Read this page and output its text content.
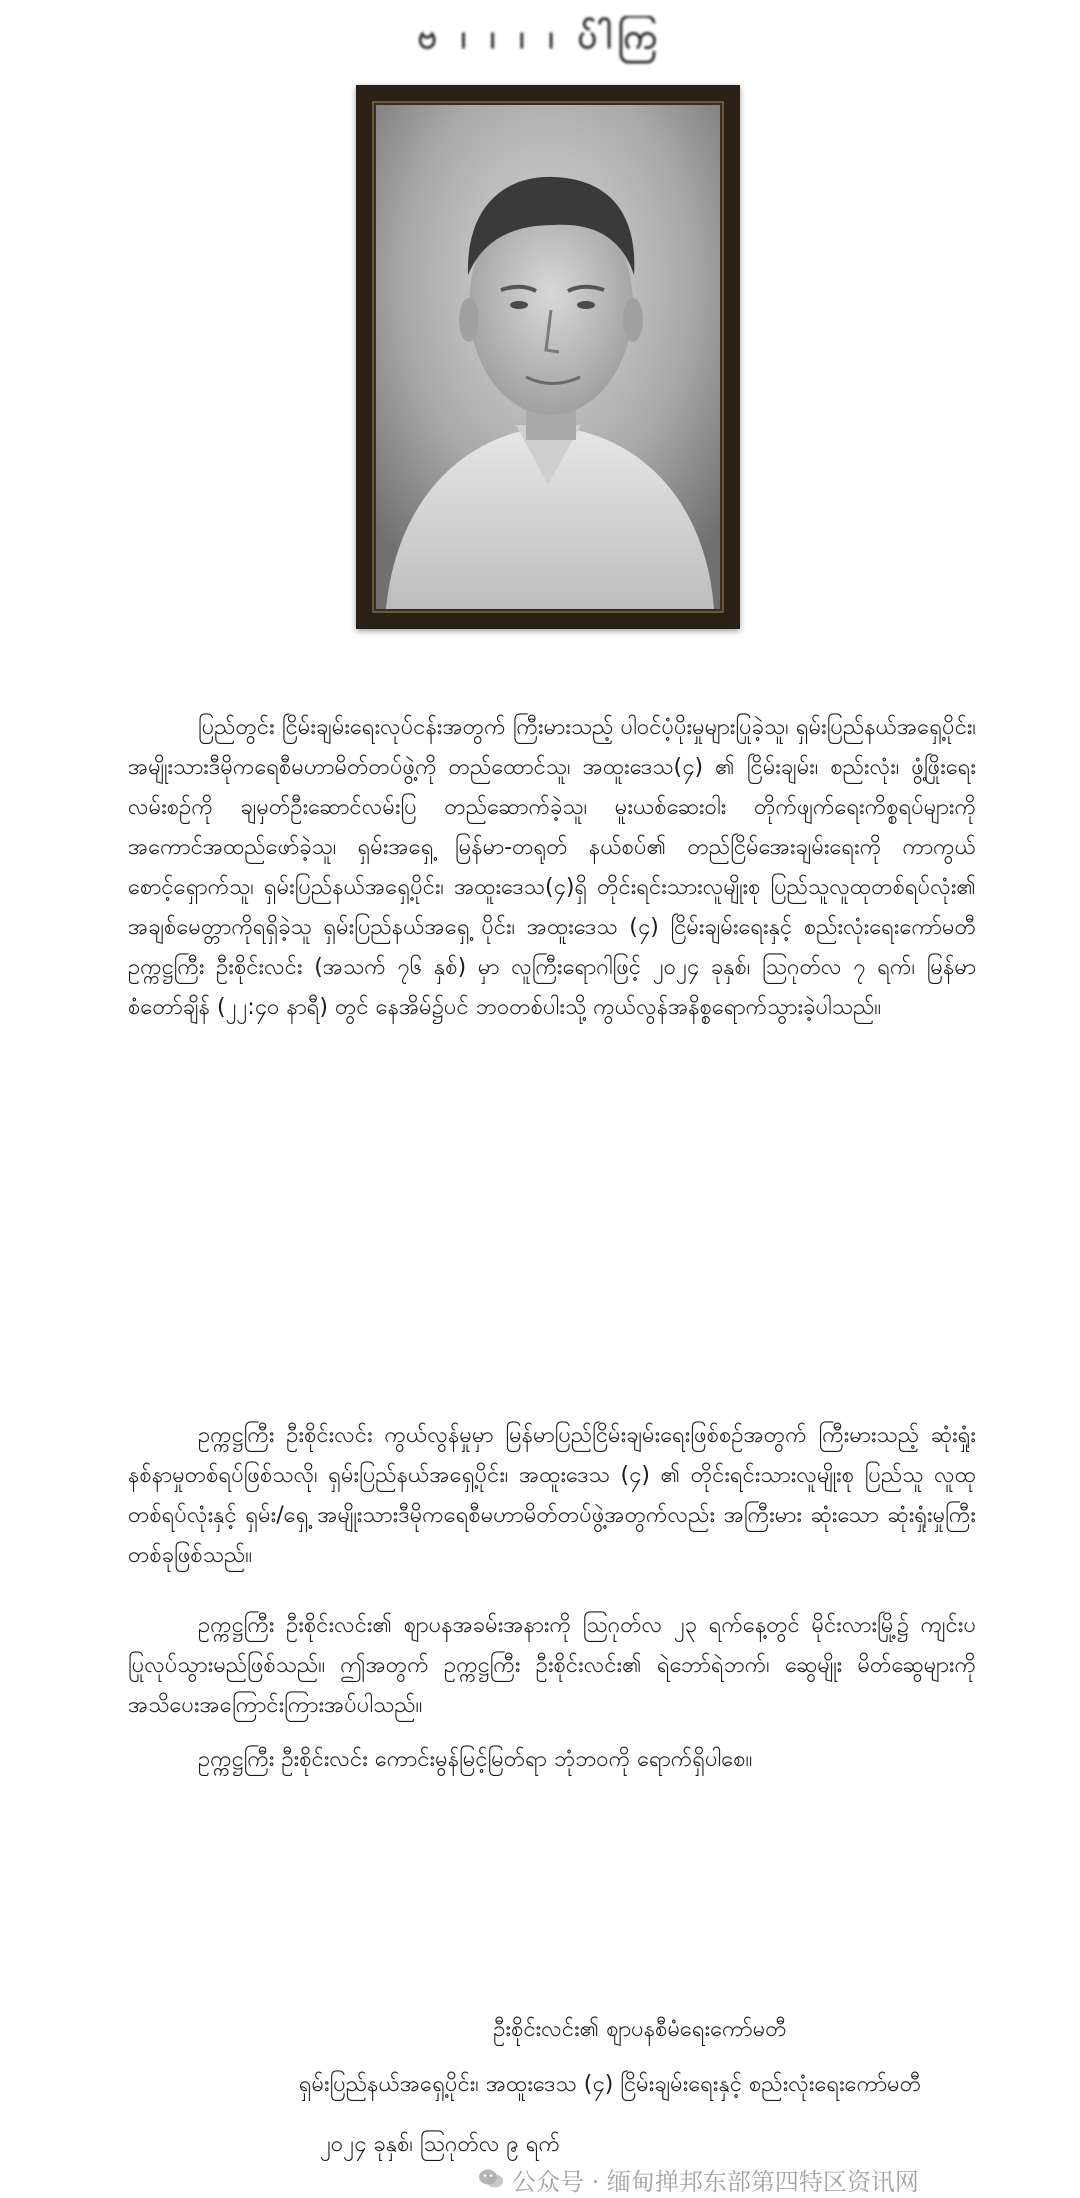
ဗ ၊ ၊ ၊ ၊ ပ်ါကြ

ပြည်တွင်း ငြိမ်းချမ်းရေးလုပ်ငန်းအတွက် ကြီးမားသည့် ပါဝင်ပံ့ပိုးမှုများပြုခဲ့သူ၊ ရှမ်းပြည်နယ်အရှေ့ပိုင်း၊ အမျိုးသားဒီမိုကရေစီမဟာမိတ်တပ်ဖွဲ့ကို တည်ထောင်သူ၊ အထူးဒေသ(၄) ၏ ငြိမ်းချမ်း၊ စည်းလုံး၊ ဖွံ့ဖြိုးရေးလမ်းစဉ်ကို ချမှတ်ဦးဆောင်လမ်းပြ တည်ဆောက်ခဲ့သူ၊ မူးယစ်ဆေးဝါး တိုက်ဖျက်ရေးကိစ္စရပ်များကို အကောင်အထည်ဖော်ခဲ့သူ၊ ရှမ်းအရှေ့ မြန်မာ-တရုတ် နယ်စပ်၏ တည်ငြိမ်အေးချမ်းရေးကို ကာကွယ်စောင့်ရှောက်သူ၊ ရှမ်းပြည်နယ်အရှေ့ပိုင်း၊ အထူးဒေသ(၄)ရှိ တိုင်းရင်းသားလူမျိုးစု ပြည်သူလူထုတစ်ရပ်လုံး၏ အချစ်မေတ္တာကိုရရှိခဲ့သူ ရှမ်းပြည်နယ်အရှေ့ ပိုင်း၊ အထူးဒေသ (၄) ငြိမ်းချမ်းရေးနှင့် စည်းလုံးရေးကော်မတီ ဥက္ကဋ္ဌကြီး ဦးစိုင်းလင်း (အသက် ၇၆ နှစ်) မှာ လူကြီးရောဂါဖြင့် ၂၀၂၄ ခုနှစ်၊ ဩဂုတ်လ ၇ ရက်၊ မြန်မာစံတော်ချိန် (၂၂:၄၀ နာရီ) တွင် နေအိမ်၌ပင် ဘဝတစ်ပါးသို့ ကွယ်လွန်အနိစ္စရောက်သွားခဲ့ပါသည်။

ဥက္ကဋ္ဌကြီး ဦးစိုင်းလင်း ကွယ်လွန်မှုမှာ မြန်မာပြည်ငြိမ်းချမ်းရေးဖြစ်စဉ်အတွက် ကြီးမားသည့် ဆုံးရှုံး နစ်နာမှုတစ်ရပ်ဖြစ်သလို၊ ရှမ်းပြည်နယ်အရှေ့ပိုင်း၊ အထူးဒေသ (၄) ၏ တိုင်းရင်းသားလူမျိုးစု ပြည်သူ လူထုတစ်ရပ်လုံးနှင့် ရှမ်း/ရှေ့ အမျိုးသားဒီမိုကရေစီမဟာမိတ်တပ်ဖွဲ့အတွက်လည်း အကြီးမား ဆုံးသော ဆုံးရှုံးမှုကြီးတစ်ခုဖြစ်သည်။

ဥက္ကဋ္ဌကြီး ဦးစိုင်းလင်း၏ စျာပနအခမ်းအနားကို ဩဂုတ်လ ၂၃ ရက်နေ့တွင် မိုင်းလားမြို့၌ ကျင်းပပြုလုပ်သွားမည်ဖြစ်သည်။ ဤအတွက် ဥက္ကဋ္ဌကြီး ဦးစိုင်းလင်း၏ ရဲဘော်ရဲဘက်၊ ဆွေမျိုး မိတ်ဆွေများကို အသိပေးအကြောင်းကြားအပ်ပါသည်။

ဥက္ကဋ္ဌကြီး ဦးစိုင်းလင်း ကောင်းမွန်မြင့်မြတ်ရာ ဘုံဘဝကို ရောက်ရှိပါစေ။

ဦးစိုင်းလင်း၏ စျာပနစီမံရေးကော်မတီ

ရှမ်းပြည်နယ်အရှေ့ပိုင်း၊ အထူးဒေသ (၄) ငြိမ်းချမ်းရေးနှင့် စည်းလုံးရေးကော်မတီ

၂၀၂၄ ခုနှစ်၊ ဩဂုတ်လ ၉ ရက်

公众号 · 缅甸掸邦东部第四特区资讯网
